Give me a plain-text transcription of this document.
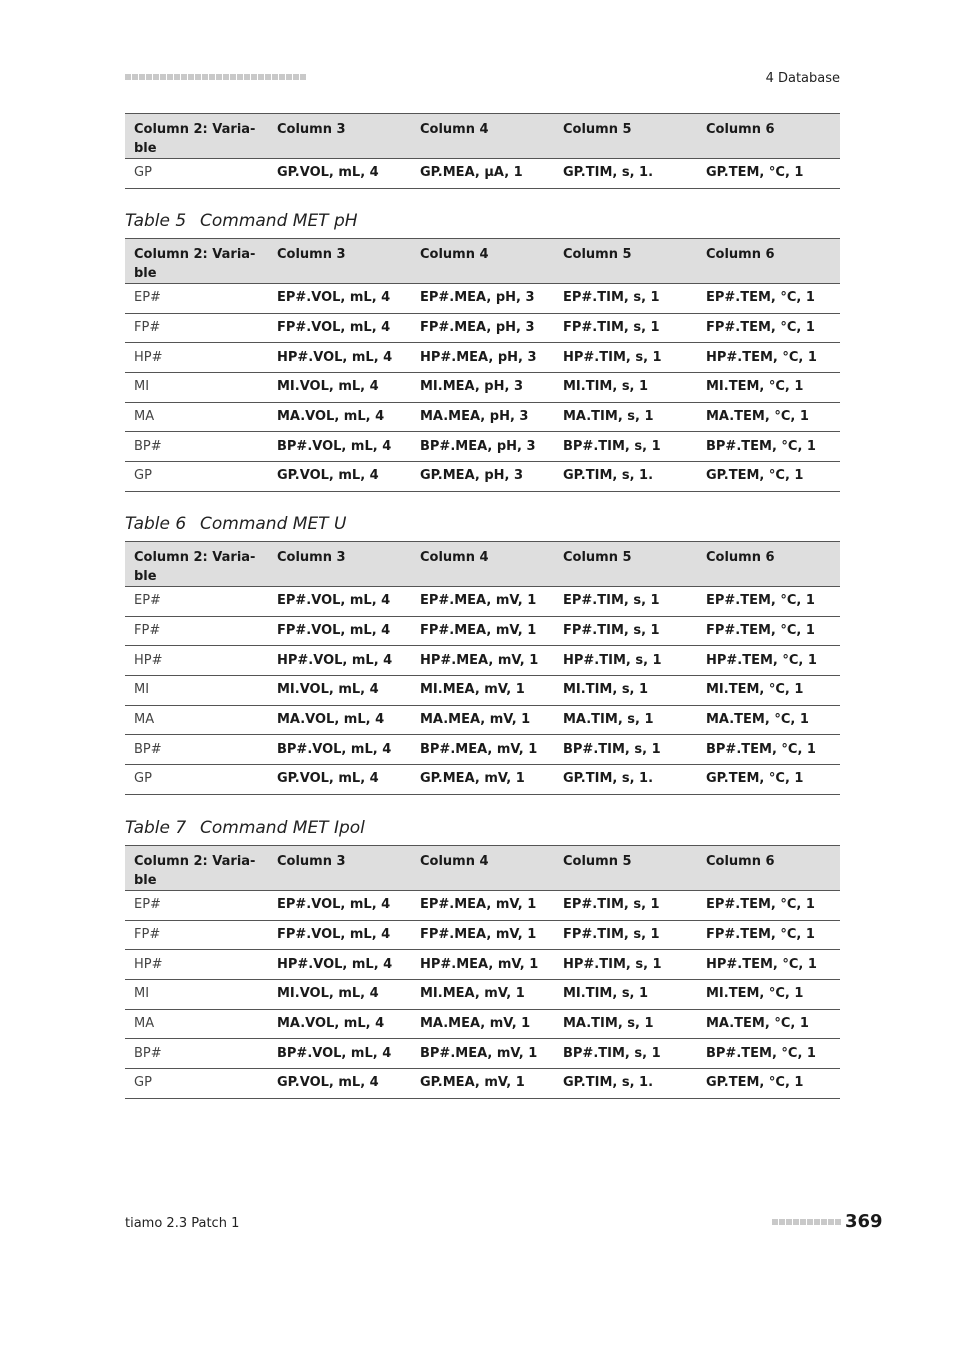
4 Database
Column 2: Varia-
ble	Column 3	Column 4	Column 5	Column 6
GP	GP.VOL, mL, 4	GP.MEA, µA, 1	GP.TIM, s, 1.	GP.TEM, °C, 1
Table 5 Command MET pH
Column 2: Varia-
ble	Column 3	Column 4	Column 5	Column 6
EP#	EP#.VOL, mL, 4	EP#.MEA, pH, 3	EP#.TIM, s, 1	EP#.TEM, °C, 1
FP#	FP#.VOL, mL, 4	FP#.MEA, pH, 3	FP#.TIM, s, 1	FP#.TEM, °C, 1
HP#	HP#.VOL, mL, 4	HP#.MEA, pH, 3	HP#.TIM, s, 1	HP#.TEM, °C, 1
MI	MI.VOL, mL, 4	MI.MEA, pH, 3	MI.TIM, s, 1	MI.TEM, °C, 1
MA	MA.VOL, mL, 4	MA.MEA, pH, 3	MA.TIM, s, 1	MA.TEM, °C, 1
BP#	BP#.VOL, mL, 4	BP#.MEA, pH, 3	BP#.TIM, s, 1	BP#.TEM, °C, 1
GP	GP.VOL, mL, 4	GP.MEA, pH, 3	GP.TIM, s, 1.	GP.TEM, °C, 1
Table 6 Command MET U
Column 2: Varia-
ble	Column 3	Column 4	Column 5	Column 6
EP#	EP#.VOL, mL, 4	EP#.MEA, mV, 1	EP#.TIM, s, 1	EP#.TEM, °C, 1
FP#	FP#.VOL, mL, 4	FP#.MEA, mV, 1	FP#.TIM, s, 1	FP#.TEM, °C, 1
HP#	HP#.VOL, mL, 4	HP#.MEA, mV, 1	HP#.TIM, s, 1	HP#.TEM, °C, 1
MI	MI.VOL, mL, 4	MI.MEA, mV, 1	MI.TIM, s, 1	MI.TEM, °C, 1
MA	MA.VOL, mL, 4	MA.MEA, mV, 1	MA.TIM, s, 1	MA.TEM, °C, 1
BP#	BP#.VOL, mL, 4	BP#.MEA, mV, 1	BP#.TIM, s, 1	BP#.TEM, °C, 1
GP	GP.VOL, mL, 4	GP.MEA, mV, 1	GP.TIM, s, 1.	GP.TEM, °C, 1
Table 7 Command MET Ipol
Column 2: Varia-
ble	Column 3	Column 4	Column 5	Column 6
EP#	EP#.VOL, mL, 4	EP#.MEA, mV, 1	EP#.TIM, s, 1	EP#.TEM, °C, 1
FP#	FP#.VOL, mL, 4	FP#.MEA, mV, 1	FP#.TIM, s, 1	FP#.TEM, °C, 1
HP#	HP#.VOL, mL, 4	HP#.MEA, mV, 1	HP#.TIM, s, 1	HP#.TEM, °C, 1
MI	MI.VOL, mL, 4	MI.MEA, mV, 1	MI.TIM, s, 1	MI.TEM, °C, 1
MA	MA.VOL, mL, 4	MA.MEA, mV, 1	MA.TIM, s, 1	MA.TEM, °C, 1
BP#	BP#.VOL, mL, 4	BP#.MEA, mV, 1	BP#.TIM, s, 1	BP#.TEM, °C, 1
GP	GP.VOL, mL, 4	GP.MEA, mV, 1	GP.TIM, s, 1.	GP.TEM, °C, 1
tiamo 2.3 Patch 1	369
